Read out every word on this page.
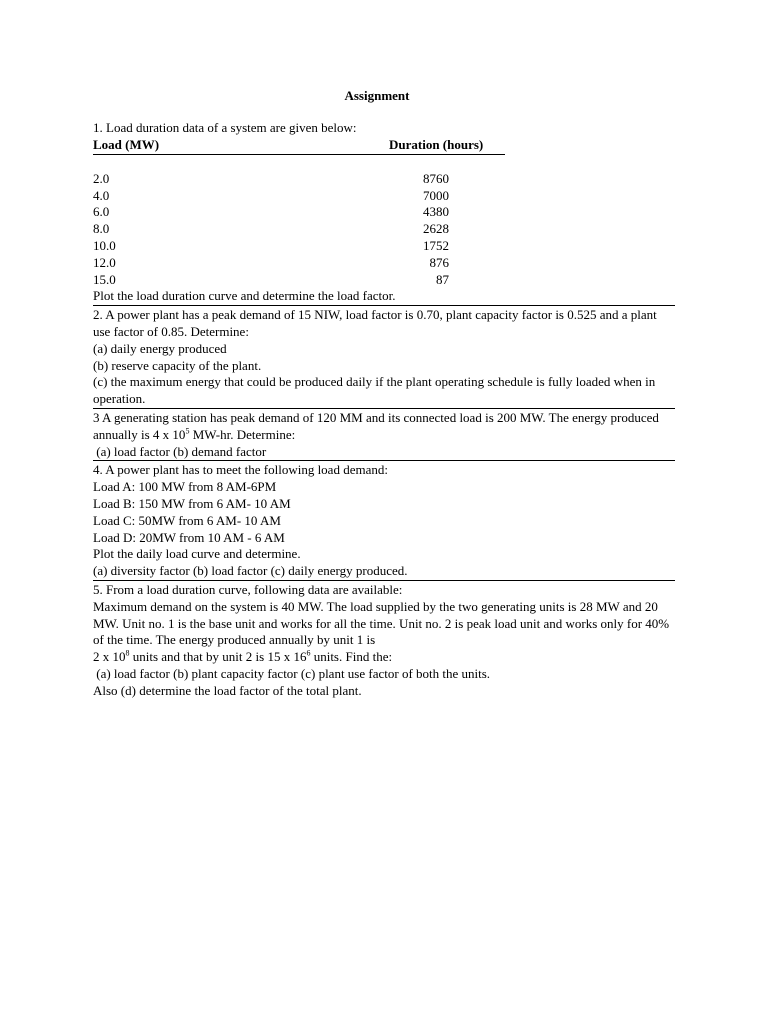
Assignment
1. Load duration data of a system are given below:
Load (MW)	Duration (hours)
2.0	8760
4.0	7000
6.0	4380
8.0	2628
10.0	1752
12.0	876
15.0	87
Plot the load duration curve and determine the load factor.
2. A power plant has a peak demand of 15 NIW, load factor is 0.70, plant capacity factor is 0.525 and a plant use factor of 0.85. Determine:
(a) daily energy produced
(b) reserve capacity of the plant.
(c) the maximum energy that could be produced daily if the plant operating schedule is fully loaded when in operation.
3 A generating station has peak demand of 120 MM and its connected load is 200 MW. The energy produced annually is 4 x $10^5$ MW-hr. Determine:
(a) load factor (b) demand factor
4. A power plant has to meet the following load demand:
Load A: 100 MW from 8 AM-6PM
Load B: 150 MW from 6 AM- 10 AM
Load C: 50MW from 6 AM- 10 AM
Load D: 20MW from 10 AM - 6 AM
Plot the daily load curve and determine.
(a) diversity factor (b) load factor (c) daily energy produced.
5. From a load duration curve, following data are available:
Maximum demand on the system is 40 MW. The load supplied by the two generating units is 28 MW and 20 MW. Unit no. 1 is the base unit and works for all the time. Unit no. 2 is peak load unit and works only for 40% of the time. The energy produced annually by unit 1 is
2 x $10^8$ units and that by unit 2 is 15 x $16^6$ units. Find the:
(a) load factor (b) plant capacity factor (c) plant use factor of both the units.
Also (d) determine the load factor of the total plant.
